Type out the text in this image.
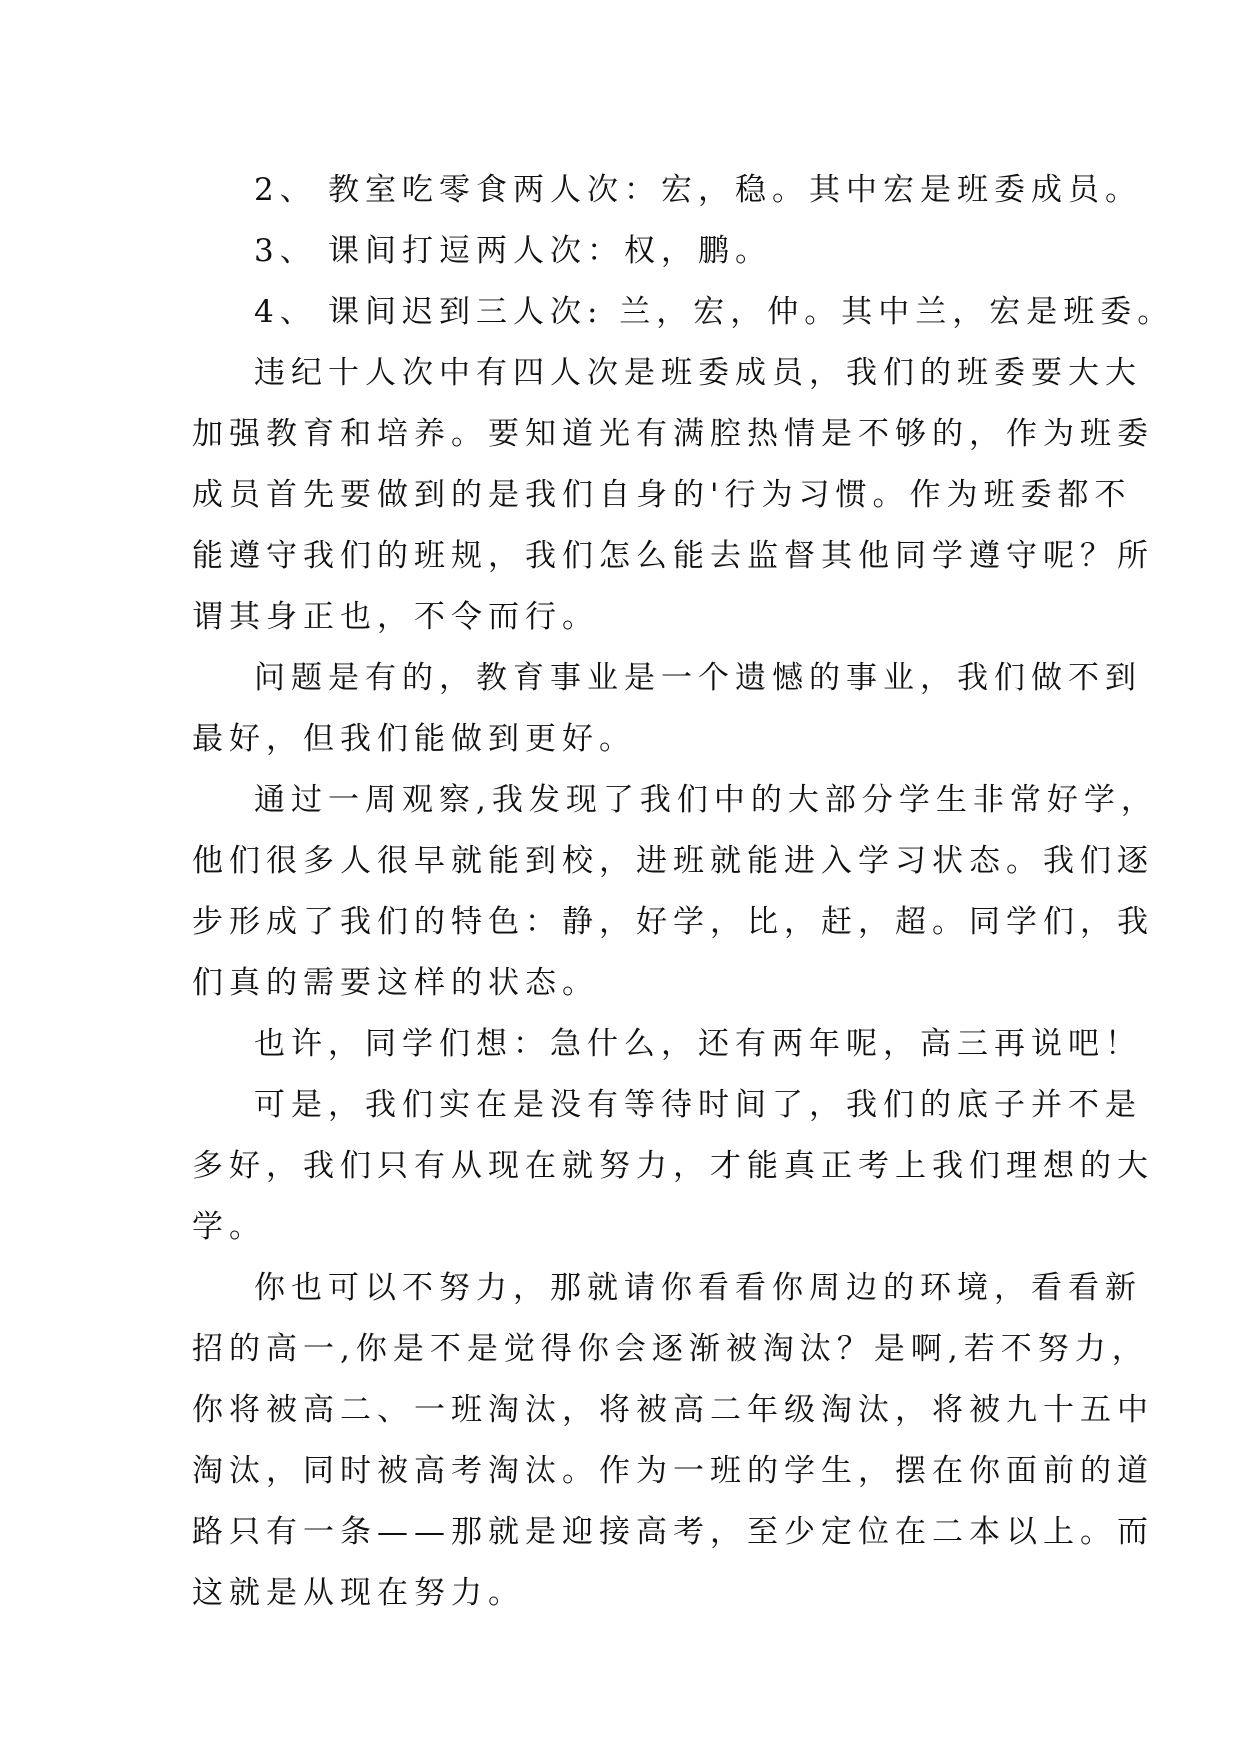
2、 教室吃零食两人次：宏，稳。其中宏是班委成员。
3、 课间打逗两人次：权，鹏。
4、 课间迟到三人次: 兰，宏，仲。其中兰，宏是班委。
违纪十人次中有四人次是班委成员，我们的班委要大大
加强教育和培养。要知道光有满腔热情是不够的，作为班委
成员首先要做到的是我们自身的'行为习惯。作为班委都不
能遵守我们的班规，我们怎么能去监督其他同学遵守呢？所
谓其身正也，不令而行。
问题是有的，教育事业是一个遗憾的事业，我们做不到
最好，但我们能做到更好。
通过一周观察,我发现了我们中的大部分学生非常好学，
他们很多人很早就能到校，进班就能进入学习状态。我们逐
步形成了我们的特色：静，好学，比，赶，超。同学们，我
们真的需要这样的状态。
也许，同学们想：急什么，还有两年呢，高三再说吧！
可是，我们实在是没有等待时间了，我们的底子并不是
多好，我们只有从现在就努力，才能真正考上我们理想的大
学。
你也可以不努力，那就请你看看你周边的环境，看看新
招的高一,你是不是觉得你会逐渐被淘汰？是啊,若不努力，
你将被高二、一班淘汰，将被高二年级淘汰，将被九十五中
淘汰，同时被高考淘汰。作为一班的学生，摆在你面前的道
路只有一条——那就是迎接高考，至少定位在二本以上。而
这就是从现在努力。
